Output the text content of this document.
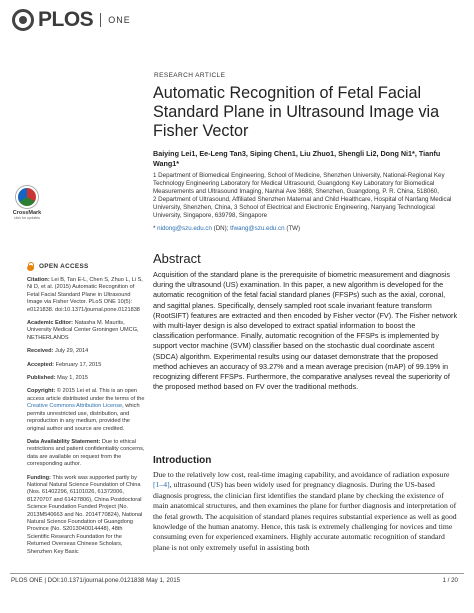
PLOS ONE
RESEARCH ARTICLE
Automatic Recognition of Fetal Facial Standard Plane in Ultrasound Image via Fisher Vector
Baiying Lei1, Ee-Leng Tan3, Siping Chen1, Liu Zhuo1, Shengli Li2, Dong Ni1*, Tianfu Wang1*
1 Department of Biomedical Engineering, School of Medicine, Shenzhen University, National-Regional Key Technology Engineering Laboratory for Medical Ultrasound, Guangdong Key Laboratory for Biomedical Measurements and Ultrasound Imaging, Nanhai Ave 3688, Shenzhen, Guangdong, P. R. China, 518060,
2 Department of Ultrasound, Affiliated Shenzhen Maternal and Child Healthcare, Hospital of Nanfang Medical University, Shenzhen, China, 3 School of Electrical and Electronic Engineering, Nanyang Technological University, Singapore, 639798, Singapore
* nidong@szu.edu.cn (DN); tfwang@szu.edu.cn (TW)
CrossMark
click for updates
OPEN ACCESS
Citation: Lei B, Tan E-L, Chen S, Zhuo L, Li S, Ni D, et al. (2015) Automatic Recognition of Fetal Facial Standard Plane in Ultrasound Image via Fisher Vector. PLoS ONE 10(5): e0121838. doi:10.1371/journal.pone.0121838
Academic Editor: Natasha M. Maurits, University Medical Center Groningen UMCG, NETHERLANDS
Received: July 29, 2014
Accepted: February 17, 2015
Published: May 1, 2015
Copyright: © 2015 Lei et al. This is an open access article distributed under the terms of the Creative Commons Attribution License, which permits unrestricted use, distribution, and reproduction in any medium, provided the original author and source are credited.
Data Availability Statement: Due to ethical restrictions and patient confidentiality concerns, data are available on request from the corresponding author.
Funding: This work was supported partly by National Natural Science Foundation of China (Nos. 61402296, 61101026, 61372006, 81270707 and 61427806), China Postdoctoral Science Foundation Funded Project (No. 2013M540663 and No. 2014T70824), National Natural Science Foundation of Guangdong Province (No. S2013040014448), 48th Scientific Research Foundation for the Returned Overseas Chinese Scholars, Shenzhen Key Basic
Abstract
Acquisition of the standard plane is the prerequisite of biometric measurement and diagnosis during the ultrasound (US) examination. In this paper, a new algorithm is developed for the automatic recognition of the fetal facial standard planes (FFSPs) such as the axial, coronal, and sagittal planes. Specifically, densely sampled root scale invariant feature transform (RootSIFT) features are extracted and then encoded by Fisher vector (FV). The Fisher network with multi-layer design is also developed to extract spatial information to boost the classification performance. Finally, automatic recognition of the FFSPs is implemented by support vector machine (SVM) classifier based on the stochastic dual coordinate ascent (SDCA) algorithm. Experimental results using our dataset demonstrate that the proposed method achieves an accuracy of 93.27% and a mean average precision (mAP) of 99.19% in recognizing different FFSPs. Furthermore, the comparative analyses reveal the superiority of the proposed method based on FV over the traditional methods.
Introduction
Due to the relatively low cost, real-time imaging capability, and avoidance of radiation exposure [1–4], ultrasound (US) has been widely used for pregnancy diagnosis. During the US-based diagnosis progress, the clinician first identifies the standard plane by checking the existence of main anatomical structures, and then examines the plane for further diagnosis and interpretation of the fetal growth. The acquisition of standard planes requires substantial experience as well as good knowledge of the human anatomy. Hence, this task is extremely challenging for novices and time consuming even for experienced examiners. Highly accurate automatic recognition of standard plane is not only extremely useful in assisting both
PLOS ONE | DOI:10.1371/journal.pone.0121838 May 1, 2015	1 / 20
